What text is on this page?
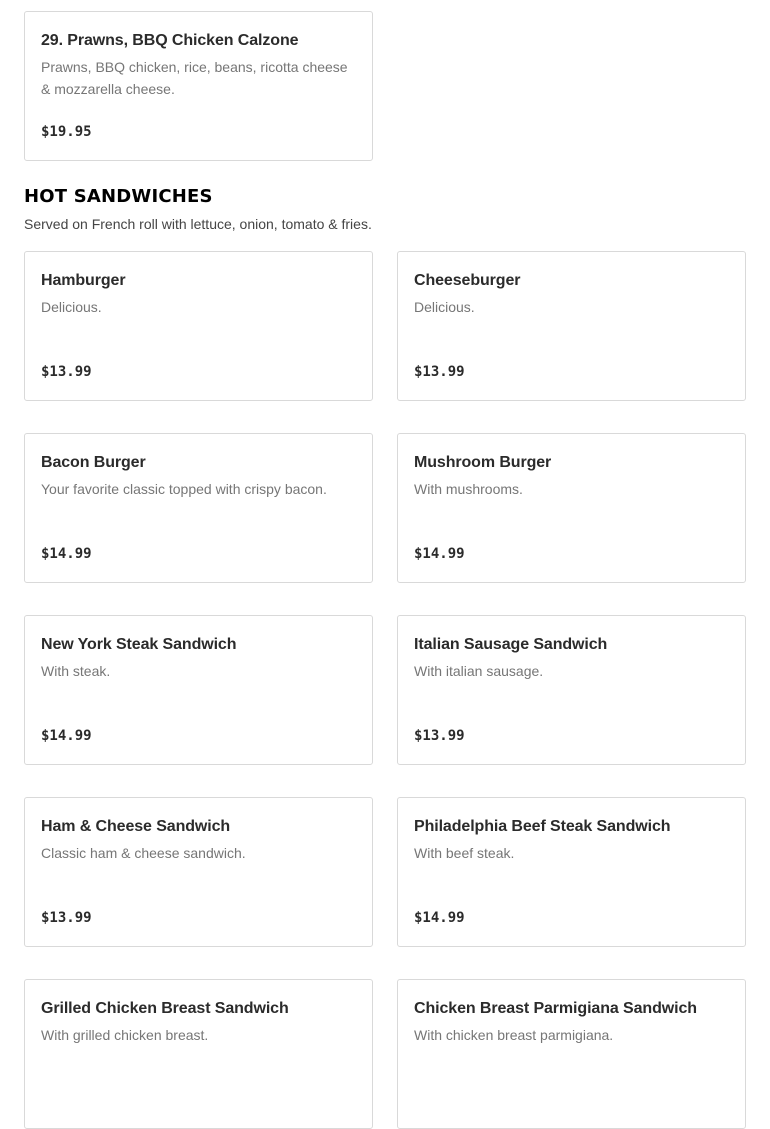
29. Prawns, BBQ Chicken Calzone
Prawns, BBQ chicken, rice, beans, ricotta cheese & mozzarella cheese.
$19.95
HOT SANDWICHES
Served on French roll with lettuce, onion, tomato & fries.
Hamburger
Delicious.
$13.99
Cheeseburger
Delicious.
$13.99
Bacon Burger
Your favorite classic topped with crispy bacon.
$14.99
Mushroom Burger
With mushrooms.
$14.99
New York Steak Sandwich
With steak.
$14.99
Italian Sausage Sandwich
With italian sausage.
$13.99
Ham & Cheese Sandwich
Classic ham & cheese sandwich.
$13.99
Philadelphia Beef Steak Sandwich
With beef steak.
$14.99
Grilled Chicken Breast Sandwich
With grilled chicken breast.
Chicken Breast Parmigiana Sandwich
With chicken breast parmigiana.
